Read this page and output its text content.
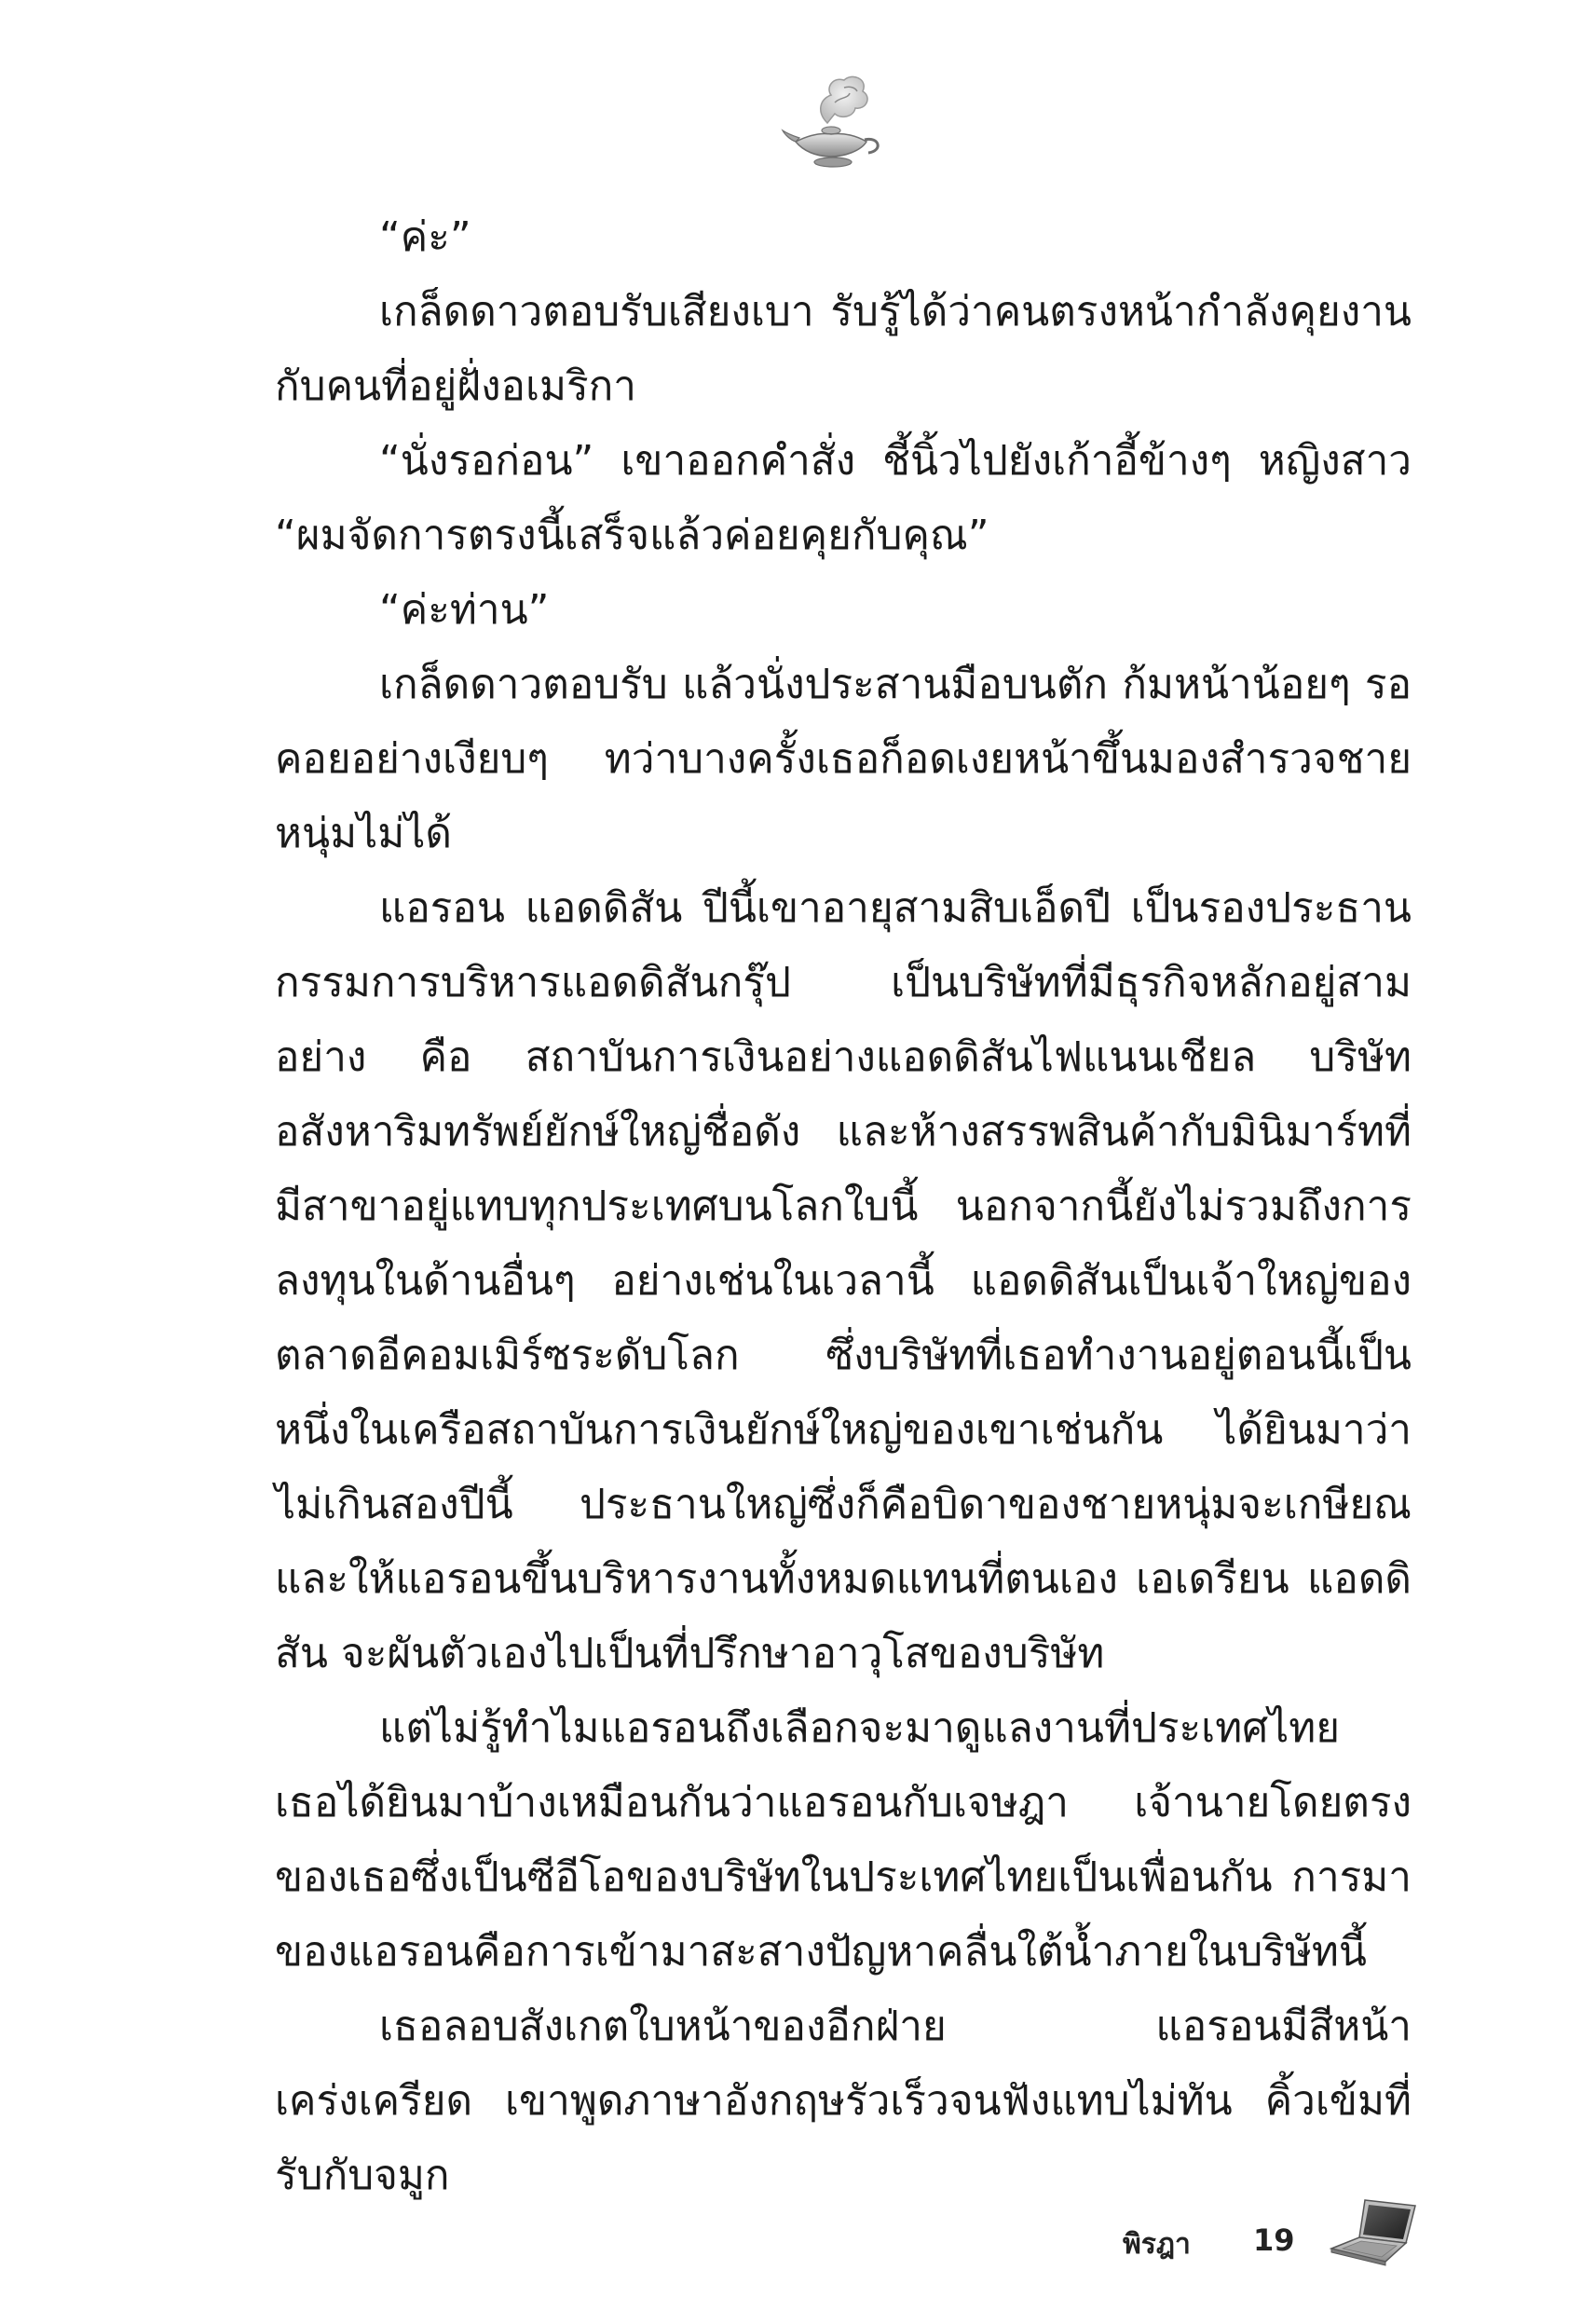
“ค่ะ”

เกล็ดดาวตอบรับเสียงเบา รับรู้ได้ว่าคนตรงหน้ากำลังคุยงานกับคนที่อยู่ฝั่งอเมริกา

“นั่งรอก่อน” เขาออกคำสั่ง ชี้นิ้วไปยังเก้าอี้ข้างๆ หญิงสาว “ผมจัดการตรงนี้เสร็จแล้วค่อยคุยกับคุณ”

“ค่ะท่าน”

เกล็ดดาวตอบรับ แล้วนั่งประสานมือบนตัก ก้มหน้าน้อยๆ รอคอยอย่างเงียบๆ ทว่าบางครั้งเธอก็อดเงยหน้าขึ้นมองสำรวจชายหนุ่มไม่ได้

แอรอน แอดดิสัน ปีนี้เขาอายุสามสิบเอ็ดปี เป็นรองประธานกรรมการบริหารแอดดิสันกรุ๊ป เป็นบริษัทที่มีธุรกิจหลักอยู่สามอย่าง คือ สถาบันการเงินอย่างแอดดิสันไฟแนนเชียล บริษัทอสังหาริมทรัพย์ยักษ์ใหญ่ชื่อดัง และห้างสรรพสินค้ากับมินิมาร์ทที่มีสาขาอยู่แทบทุกประเทศบนโลกใบนี้ นอกจากนี้ยังไม่รวมถึงการลงทุนในด้านอื่นๆ อย่างเช่นในเวลานี้ แอดดิสันเป็นเจ้าใหญ่ของตลาดอีคอมเมิร์ซระดับโลก ซึ่งบริษัทที่เธอทำงานอยู่ตอนนี้เป็นหนึ่งในเครือสถาบันการเงินยักษ์ใหญ่ของเขาเช่นกัน ได้ยินมาว่าไม่เกินสองปีนี้ ประธานใหญ่ซึ่งก็คือบิดาของชายหนุ่มจะเกษียณและให้แอรอนขึ้นบริหารงานทั้งหมดแทนที่ตนเอง เอเดรียน แอดดิสัน จะผันตัวเองไปเป็นที่ปรึกษาอาวุโสของบริษัท

แต่ไม่รู้ทำไมแอรอนถึงเลือกจะมาดูแลงานที่ประเทศไทย เธอได้ยินมาบ้างเหมือนกันว่าแอรอนกับเจษฎา เจ้านายโดยตรงของเธอซึ่งเป็นซีอีโอของบริษัทในประเทศไทยเป็นเพื่อนกัน การมาของแอรอนคือการเข้ามาสะสางปัญหาคลื่นใต้น้ำภายในบริษัทนี้

เธอลอบสังเกตใบหน้าของอีกฝ่าย แอรอนมีสีหน้าเคร่งเครียด เขาพูดภาษาอังกฤษรัวเร็วจนฟังแทบไม่ทัน คิ้วเข้มที่รับกับจมูก

พิรฎา 19
